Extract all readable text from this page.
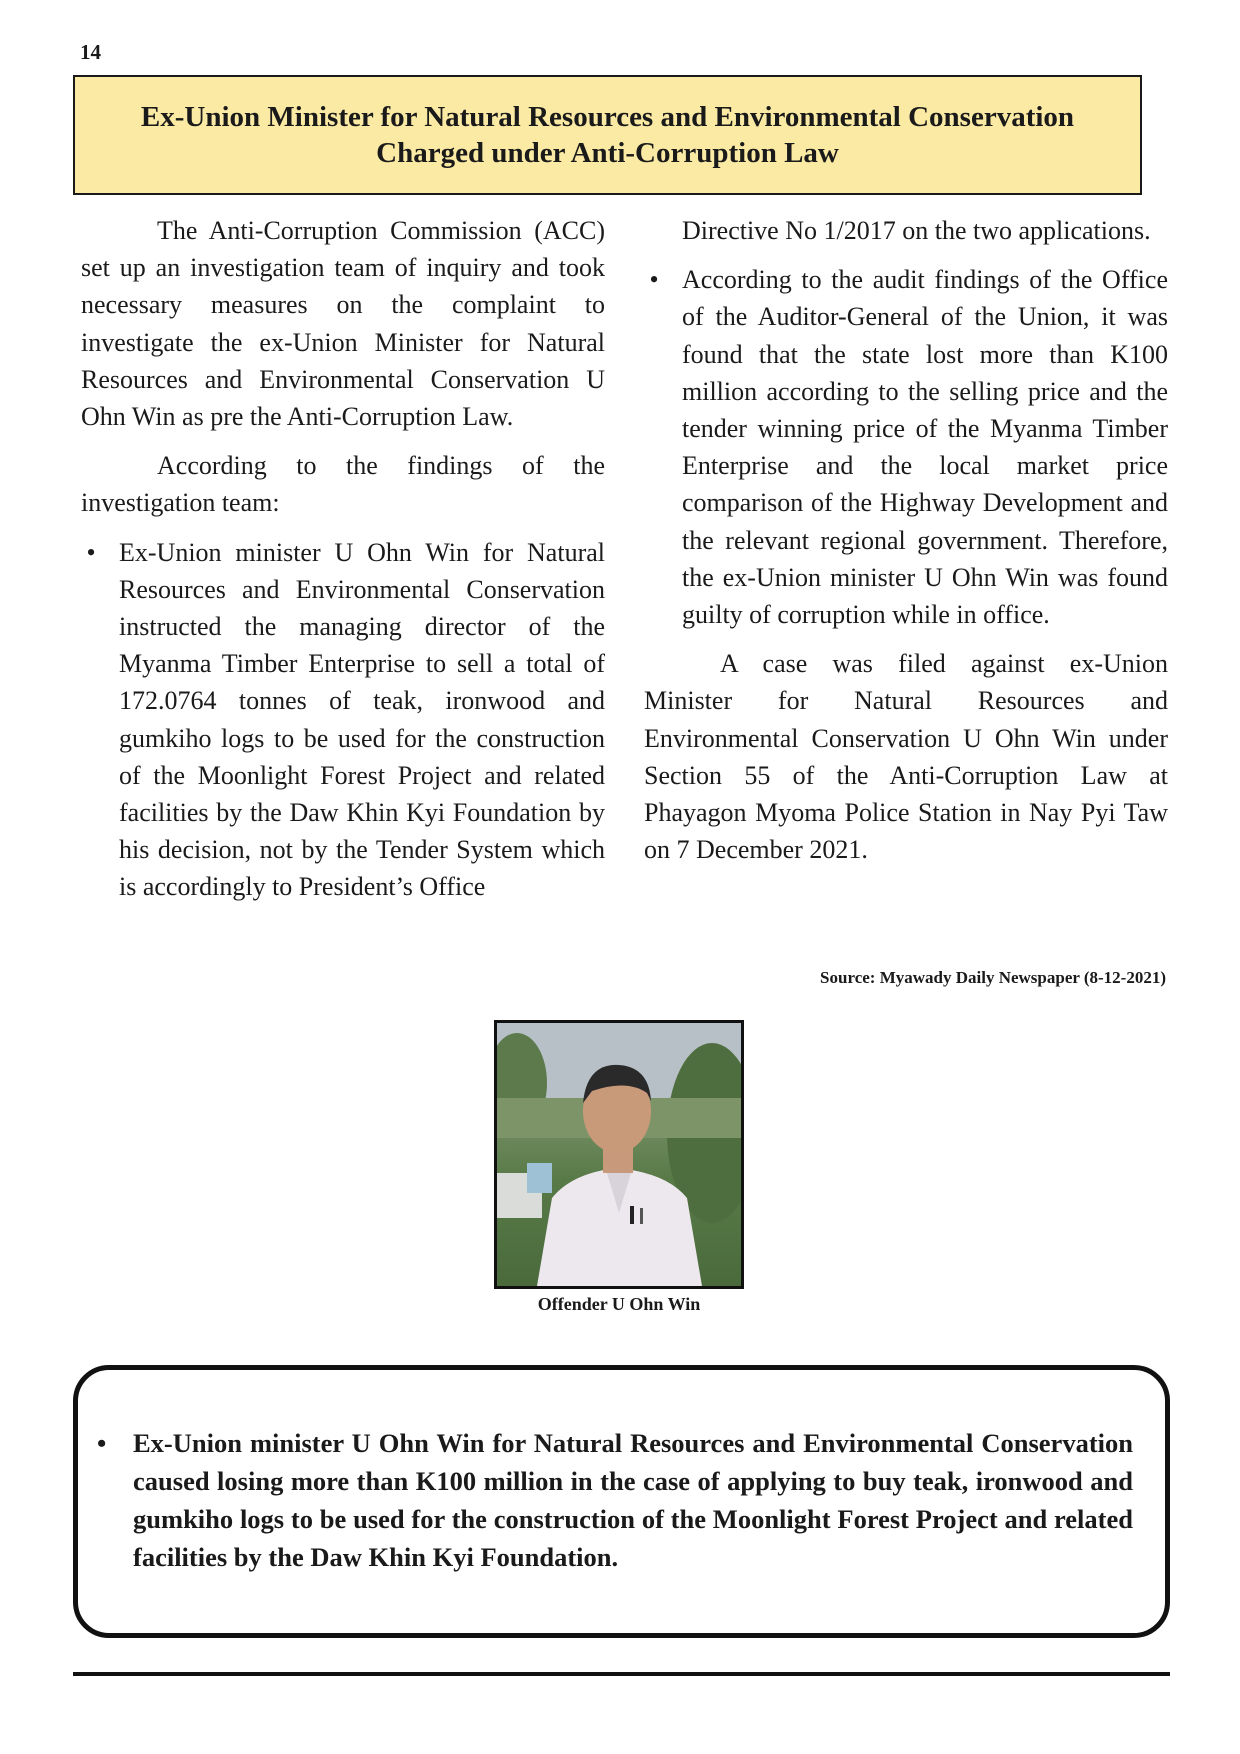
14
Ex-Union Minister for Natural Resources and Environmental Conservation
Charged under Anti-Corruption Law

The Anti-Corruption Commission (ACC) set up an investigation team of inquiry and took necessary measures on the complaint to investigate the ex-Union Minister for Natural Resources and Environmental Conservation U Ohn Win as pre the Anti-Corruption Law.

According to the findings of the investigation team:

• Ex-Union minister U Ohn Win for Natural Resources and Environmental Conservation instructed the managing director of the Myanma Timber Enterprise to sell a total of 172.0764 tonnes of teak, ironwood and gumkiho logs to be used for the construction of the Moonlight Forest Project and related facilities by the Daw Khin Kyi Foundation by his decision, not by the Tender System which is accordingly to President’s Office

Directive No 1/2017 on the two applications.

• According to the audit findings of the Office of the Auditor-General of the Union, it was found that the state lost more than K100 million according to the selling price and the tender winning price of the Myanma Timber Enterprise and the local market price comparison of the Highway Development and the relevant regional government. Therefore, the ex-Union minister U Ohn Win was found guilty of corruption while in office.

A case was filed against ex-Union Minister for Natural Resources and Environmental Conservation U Ohn Win under Section 55 of the Anti-Corruption Law at Phayagon Myoma Police Station in Nay Pyi Taw on 7 December 2021.

Source: Myawady Daily Newspaper (8-12-2021)
Offender U Ohn Win
• Ex-Union minister U Ohn Win for Natural Resources and Environmental Conservation caused losing more than K100 million in the case of applying to buy teak, ironwood and gumkiho logs to be used for the construction of the Moonlight Forest Project and related facilities by the Daw Khin Kyi Foundation.
